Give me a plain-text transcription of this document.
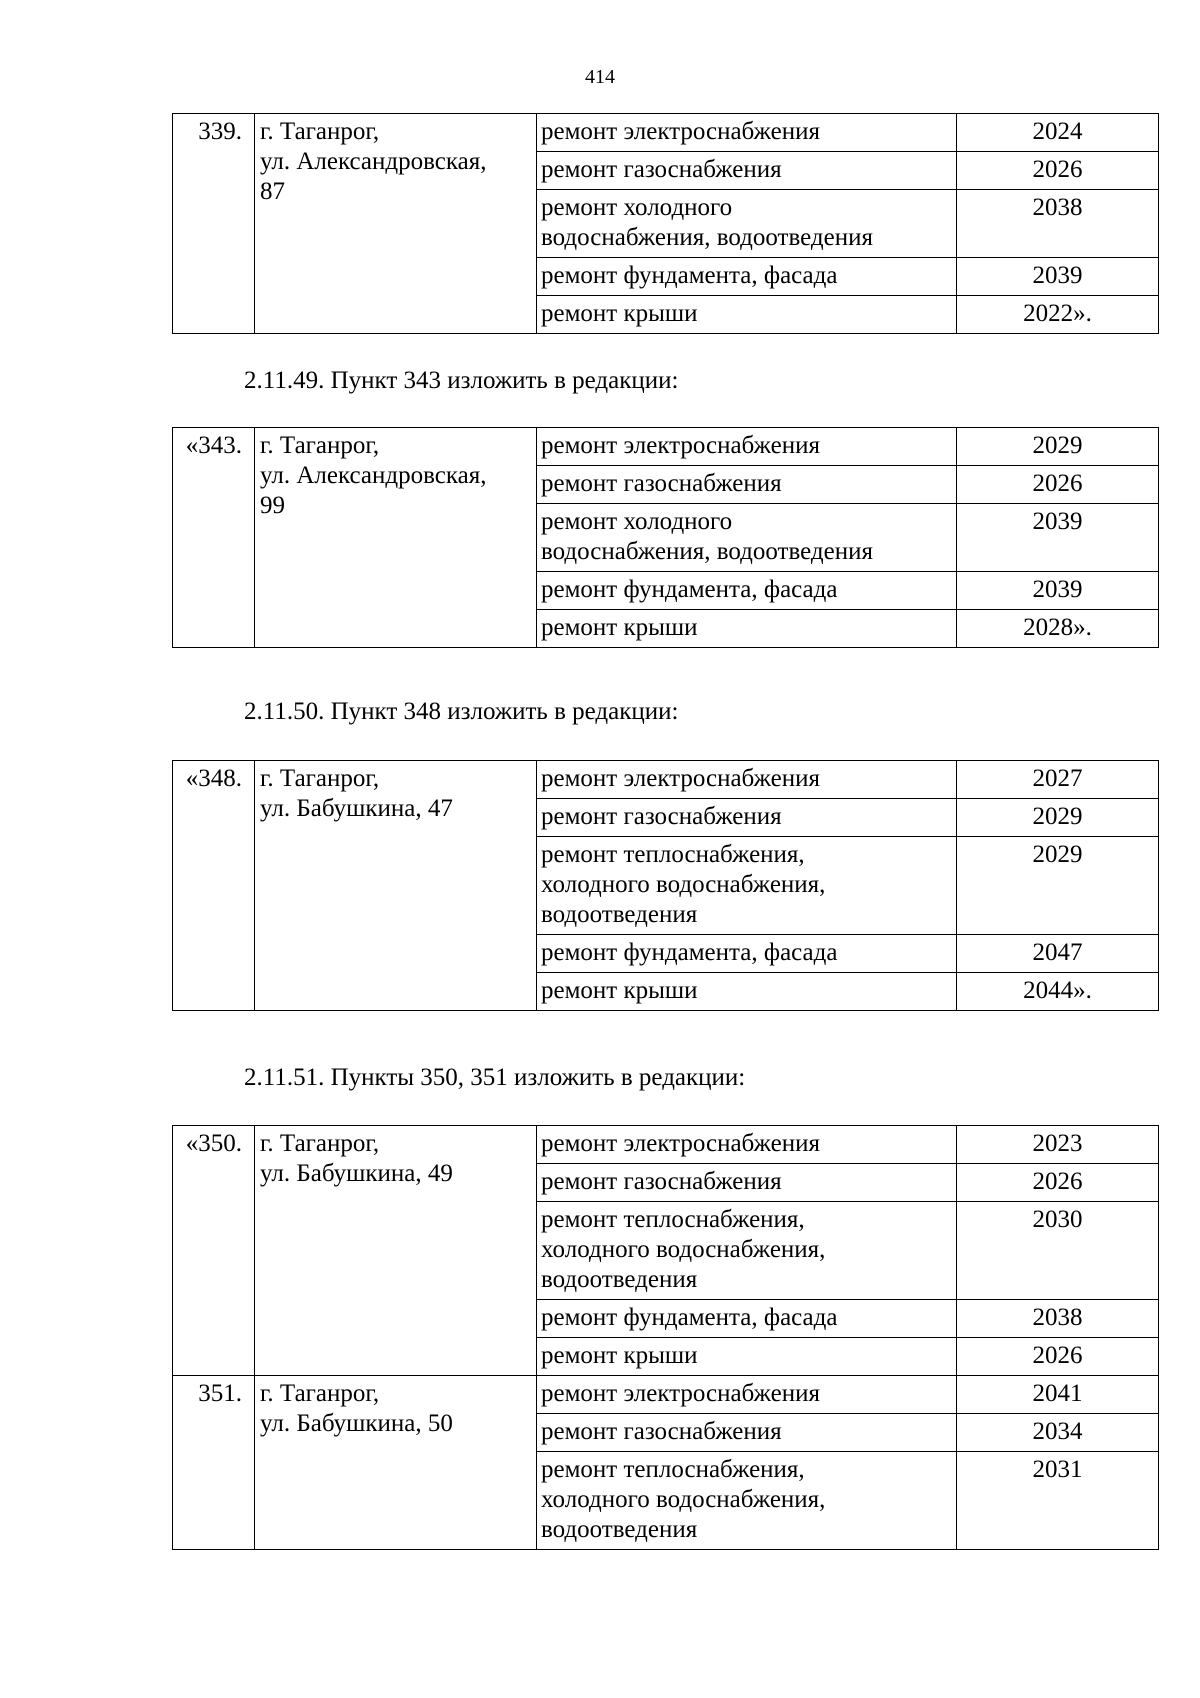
414
339.	г. Таганрог,
ул. Александровская,
87	ремонт электроснабжения	2024

		ремонт газоснабжения	2026

		ремонт холодного
водоснабжения, водоотведения	2038

		ремонт фундамента, фасада	2039

		ремонт крыши	2022».
2.11.49. Пункт 343 изложить в редакции:
«343.	г. Таганрог,
ул. Александровская,
99	ремонт электроснабжения	2029

		ремонт газоснабжения	2026

		ремонт холодного
водоснабжения, водоотведения	2039

		ремонт фундамента, фасада	2039

		ремонт крыши	2028».
2.11.50. Пункт 348 изложить в редакции:
«348.	г. Таганрог,
ул. Бабушкина, 47	ремонт электроснабжения	2027

		ремонт газоснабжения	2029

		ремонт теплоснабжения,
холодного водоснабжения,
водоотведения	2029

		ремонт фундамента, фасада	2047

		ремонт крыши	2044».
2.11.51. Пункты 350, 351 изложить в редакции:
«350.	г. Таганрог,
ул. Бабушкина, 49	ремонт электроснабжения	2023

		ремонт газоснабжения	2026

		ремонт теплоснабжения,
холодного водоснабжения,
водоотведения	2030

		ремонт фундамента, фасада	2038

		ремонт крыши	2026
351.	г. Таганрог,
ул. Бабушкина, 50	ремонт электроснабжения	2041

		ремонт газоснабжения	2034

		ремонт теплоснабжения,
холодного водоснабжения,
водоотведения	2031
